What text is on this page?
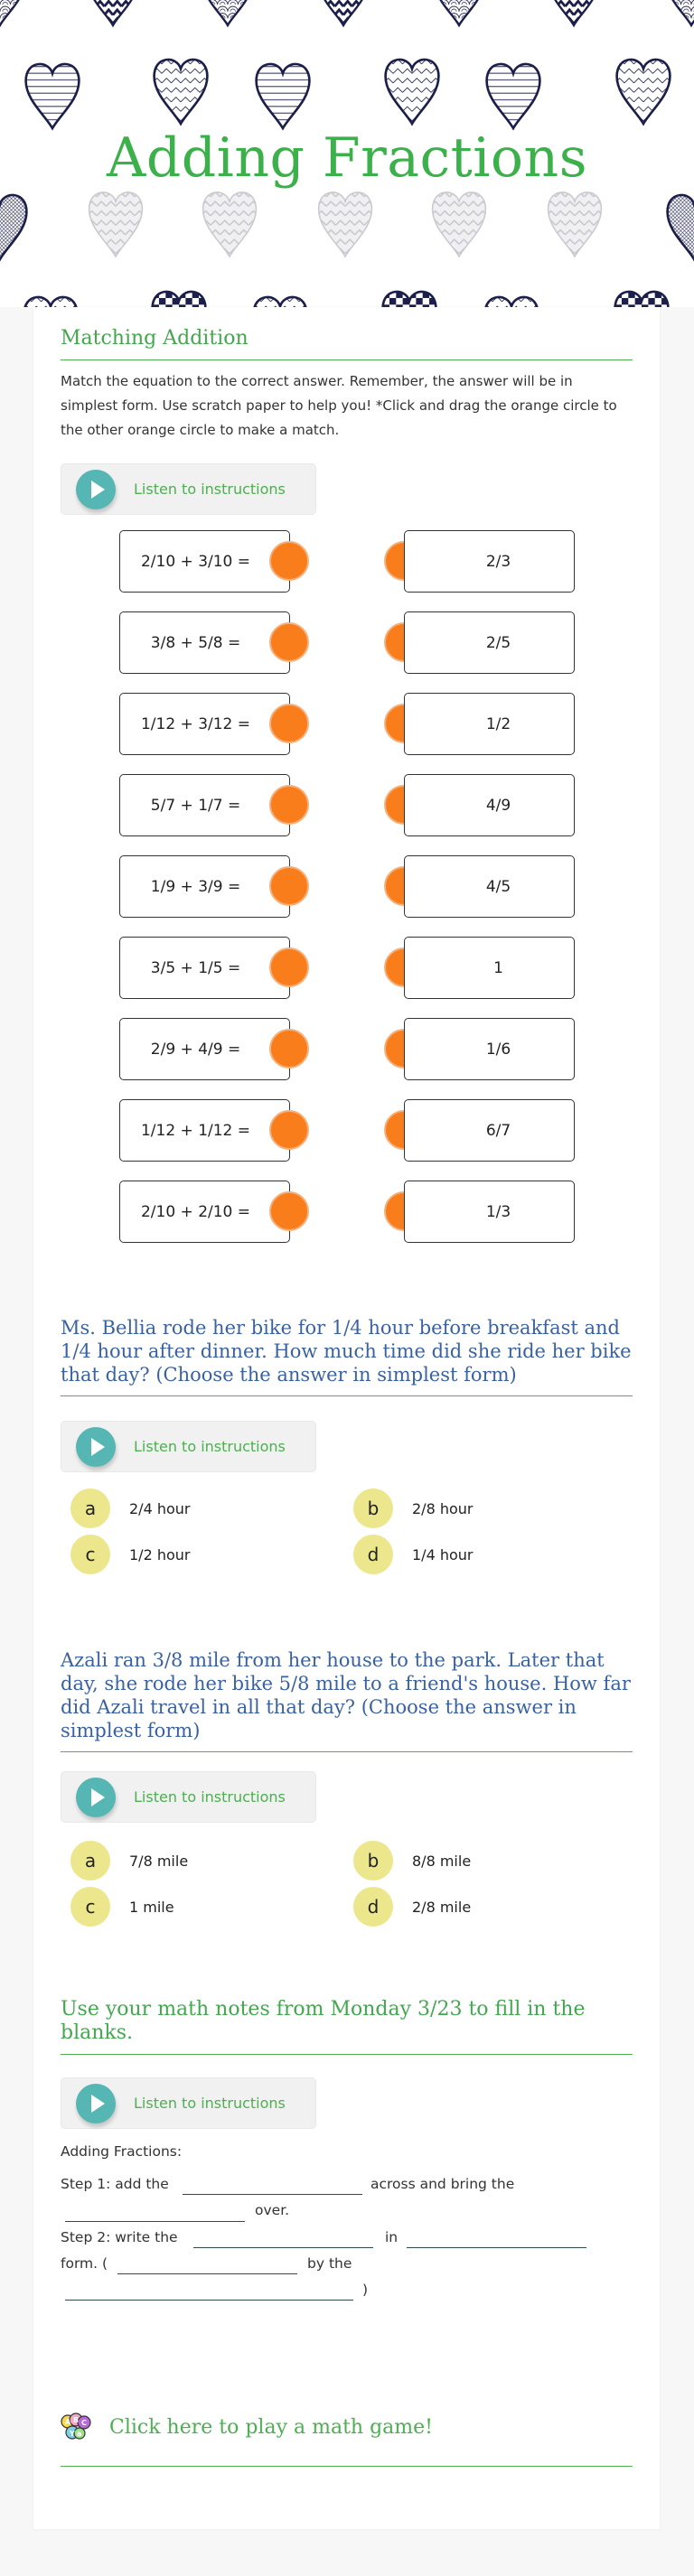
Adding Fractions
Matching Addition
Match the equation to the correct answer. Remember, the answer will be in simplest form. Use scratch paper to help you! *Click and drag the orange circle to the other orange circle to make a match.
Listen to instructions
2/10 + 3/10 =	2/3
3/8 + 5/8 =	2/5
1/12 + 3/12 =	1/2
5/7 + 1/7 =	4/9
1/9 + 3/9 =	4/5
3/5 + 1/5 =	1
2/9 + 4/9 =	1/6
1/12 + 1/12 =	6/7
2/10 + 2/10 =	1/3
Ms. Bellia rode her bike for 1/4 hour before breakfast and 1/4 hour after dinner. How much time did she ride her bike that day? (Choose the answer in simplest form)
Listen to instructions
a	2/4 hour	b	2/8 hour
c	1/2 hour	d	1/4 hour
Azali ran 3/8 mile from her house to the park. Later that day, she rode her bike 5/8 mile to a friend's house. How far did Azali travel in all that day? (Choose the answer in simplest form)
Listen to instructions
a	7/8 mile	b	8/8 mile
c	1 mile	d	2/8 mile
Use your math notes from Monday 3/23 to fill in the blanks.
Listen to instructions
Adding Fractions:
Step 1: add the	across and bring the
over.
Step 2: write the	in
form. (	by the
)
A B C
Y a Click here to play a math game!
